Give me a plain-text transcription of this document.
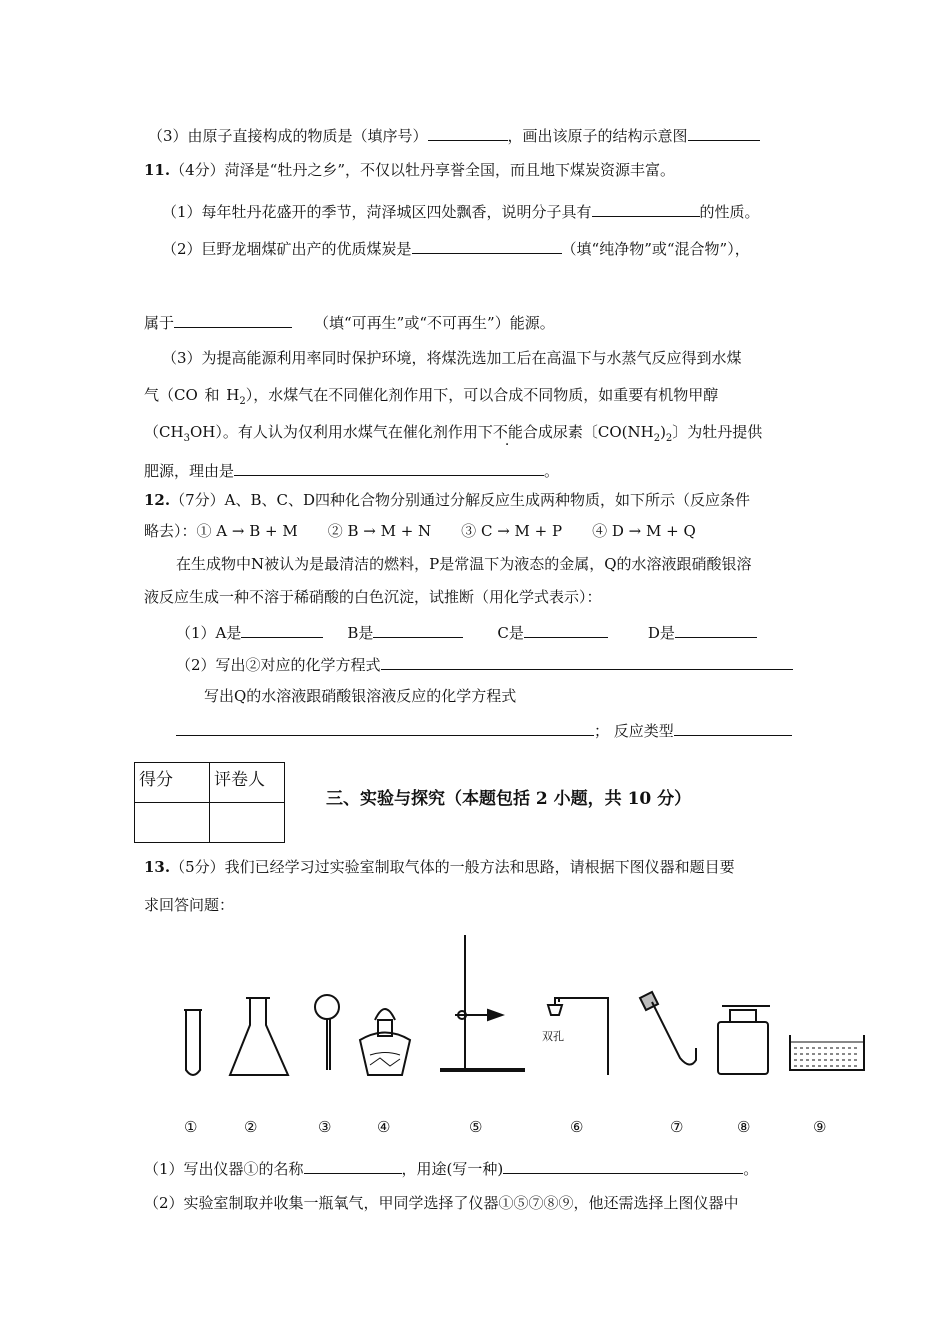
（3）由原子直接构成的物质是（填序号）	，画出该原子的结构示意图
11.（4分）菏泽是“牡丹之乡”，不仅以牡丹享誉全国，而且地下煤炭资源丰富。
（1）每年牡丹花盛开的季节，菏泽城区四处飘香，说明分子具有	的性质。
（2）巨野龙堌煤矿出产的优质煤炭是	（填“纯净物”或“混合物”），
属于	（填“可再生”或“不可再生”）能源。
（3）为提高能源利用率同时保护环境，将煤洗选加工后在高温下与水蒸气反应得到水煤
气（CO 和 $H_2$），水煤气在不同催化剂作用下，可以合成不同物质，如重要有机物甲醇
$(CH_3OH)$。有人认为仅利用水煤气在催化剂作用下不能合成尿素〔$CO(NH_2)_2$〕为牡丹提供
肥源，理由是	。
12.（7分）A、B、C、D四种化合物分别通过分解反应生成两种物质，如下所示（反应条件
略去）：① A → B + M　　② B → M + N　　③ C → M + P　　④ D → M + Q
在生成物中N被认为是最清洁的燃料，P是常温下为液态的金属，Q的水溶液跟硝酸银溶
液反应生成一种不溶于稀硝酸的白色沉淀，试推断（用化学式表示）：
（1）A是	B是	C是	D是
（2）写出②对应的化学方程式
写出Q的水溶液跟硝酸银溶液反应的化学方程式
； 反应类型
得分	评卷人

三、实验与探究（本题包括 2 小题，共 10 分）
13.（5分）我们已经学习过实验室制取气体的一般方法和思路，请根据下图仪器和题目要
求回答问题：
双孔
①	②	③	④	⑤	⑥	⑦	⑧	⑨
（1）写出仪器①的名称	，用途(写一种)	。
（2）实验室制取并收集一瓶氧气，甲同学选择了仪器①⑤⑦⑧⑨，他还需选择上图仪器中
